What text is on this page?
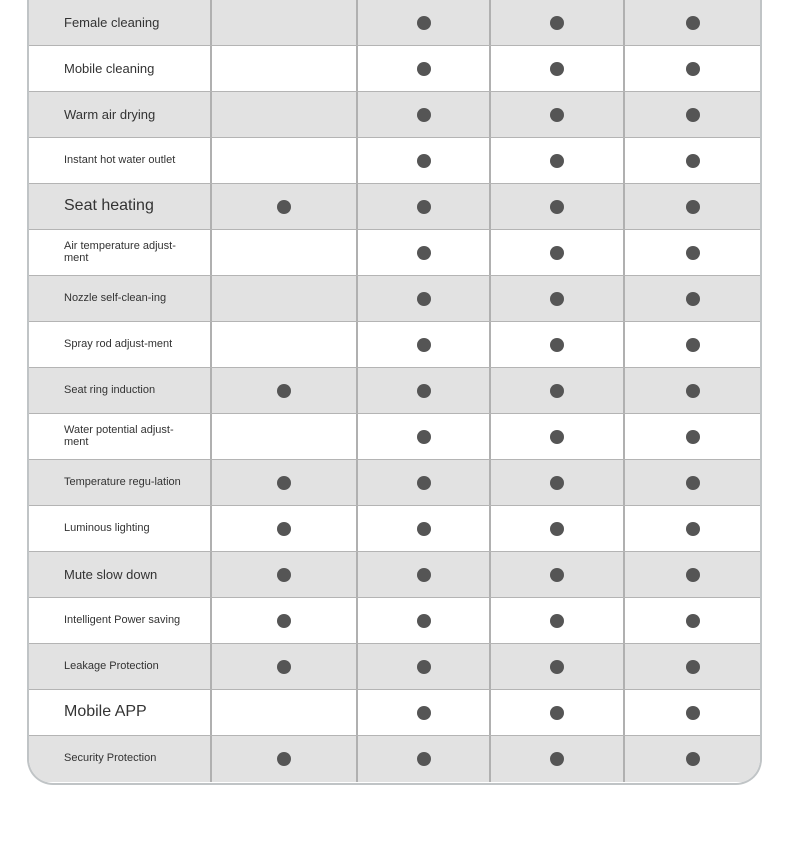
Female cleaning
Mobile cleaning
Warm air drying
Instant hot water outlet
Seat heating
Air temperature adjust-ment
Nozzle self-clean-ing
Spray rod adjust-ment
Seat ring induction
Water potential adjust-ment
Temperature regu-lation
Luminous lighting
Mute slow down
Intelligent Power saving
Leakage Protection
Mobile APP
Security Protection
